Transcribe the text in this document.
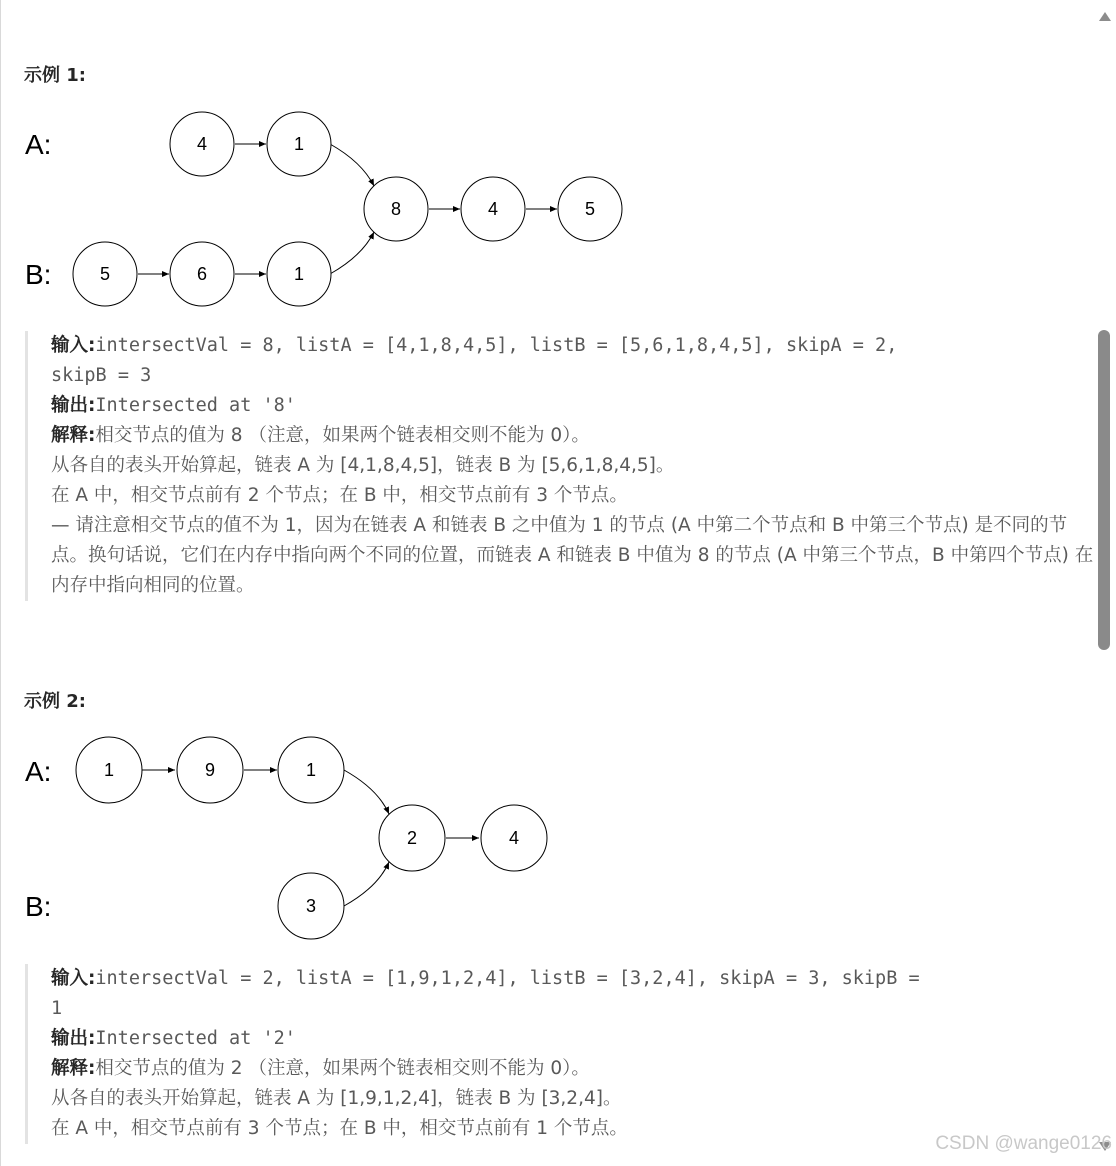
示例 1:
A:
B:
4	1
5	6	1
8	4	5
输入:intersectVal = 8, listA = [4,1,8,4,5], listB = [5,6,1,8,4,5], skipA = 2,
skipB = 3
输出:Intersected at '8'
解释:相交节点的值为 8 （注意，如果两个链表相交则不能为 0）。
从各自的表头开始算起，链表 A 为 [4,1,8,4,5]，链表 B 为 [5,6,1,8,4,5]。
在 A 中，相交节点前有 2 个节点；在 B 中，相交节点前有 3 个节点。
— 请注意相交节点的值不为 1，因为在链表 A 和链表 B 之中值为 1 的节点 (A 中第二个节点和 B 中第三个节点) 是不同的节点。换句话说，它们在内存中指向两个不同的位置，而链表 A 和链表 B 中值为 8 的节点 (A 中第三个节点，B 中第四个节点) 在内存中指向相同的位置。
示例 2:
A:
B:
1	9	1
3
2	4
输入:intersectVal = 2, listA = [1,9,1,2,4], listB = [3,2,4], skipA = 3, skipB =
1
输出:Intersected at '2'
解释:相交节点的值为 2 （注意，如果两个链表相交则不能为 0）。
从各自的表头开始算起，链表 A 为 [1,9,1,2,4]，链表 B 为 [3,2,4]。
在 A 中，相交节点前有 3 个节点；在 B 中，相交节点前有 1 个节点。
CSDN @wange0126
